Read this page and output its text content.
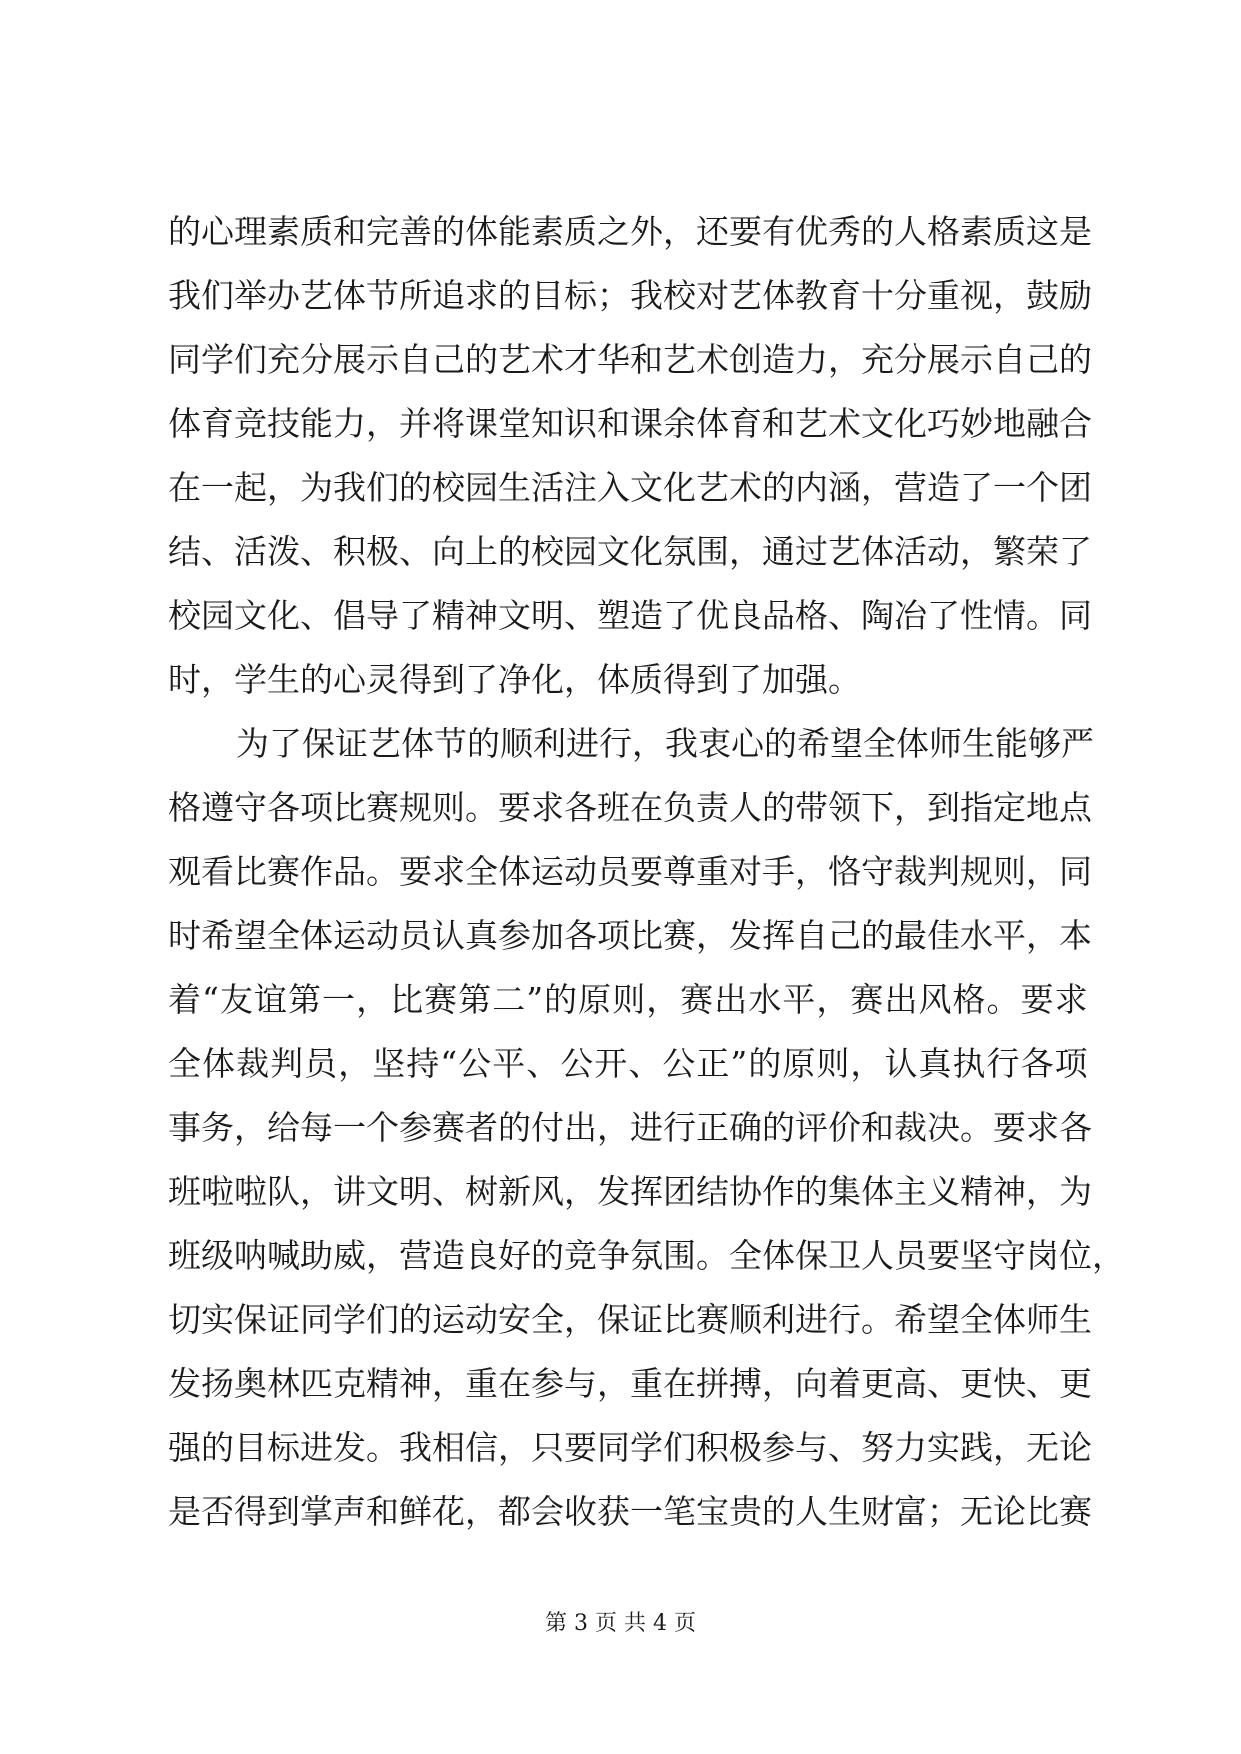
的 心 理 素 质 和 完 善 的 体 能 素 质 之 外 ， 还 要 有 优 秀 的 人 格 素 质 这 是
我 们 举 办 艺 体 节 所 追 求 的 目 标 ； 我 校 对 艺 体 教 育 十 分 重 视 ， 鼓 励
同 学 们 充 分 展 示 自 己 的 艺 术 才 华 和 艺 术 创 造 力 ， 充 分 展 示 自 己 的
体 育 竞 技 能 力 ， 并 将 课 堂 知 识 和 课 余 体 育 和 艺 术 文 化 巧 妙 地 融 合
在 一 起 ， 为 我 们 的 校 园 生 活 注 入 文 化 艺 术 的 内 涵 ， 营 造 了 一 个 团
结 、 活 泼 、 积 极 、 向 上 的 校 园 文 化 氛 围 ， 通 过 艺 体 活 动 ， 繁 荣 了
校 园 文 化 、 倡 导 了 精 神 文 明 、 塑 造 了 优 良 品 格 、 陶 冶 了 性 情 。 同
时 ， 学 生 的 心 灵 得 到 了 净 化 ， 体 质 得 到 了 加 强 。
为 了 保 证 艺 体 节 的 顺 利 进 行 ， 我 衷 心 的 希 望 全 体 师 生 能 够 严
格 遵 守 各 项 比 赛 规 则 。 要 求 各 班 在 负 责 人 的 带 领 下 ， 到 指 定 地 点
观 看 比 赛 作 品 。 要 求 全 体 运 动 员 要 尊 重 对 手 ， 恪 守 裁 判 规 则 ， 同
时 希 望 全 体 运 动 员 认 真 参 加 各 项 比 赛 ， 发 挥 自 己 的 最 佳 水 平 ， 本
着 “ 友 谊 第 一 ， 比 赛 第 二 ” 的 原 则 ， 赛 出 水 平 ， 赛 出 风 格 。 要 求
全 体 裁 判 员 ， 坚 持 “ 公 平 、 公 开 、 公 正 ” 的 原 则 ， 认 真 执 行 各 项
事 务 ， 给 每 一 个 参 赛 者 的 付 出 ， 进 行 正 确 的 评 价 和 裁 决 。 要 求 各
班 啦 啦 队 ， 讲 文 明 、 树 新 风 ， 发 挥 团 结 协 作 的 集 体 主 义 精 神 ， 为
班 级 呐 喊 助 威 ， 营 造 良 好 的 竞 争 氛 围 。 全 体 保 卫 人 员 要 坚 守 岗 位 ，
切 实 保 证 同 学 们 的 运 动 安 全 ， 保 证 比 赛 顺 利 进 行 。 希 望 全 体 师 生
发 扬 奥 林 匹 克 精 神 ， 重 在 参 与 ， 重 在 拼 搏 ， 向 着 更 高 、 更 快 、 更
强 的 目 标 进 发 。 我 相 信 ， 只 要 同 学 们 积 极 参 与 、 努 力 实 践 ， 无 论
是 否 得 到 掌 声 和 鲜 花 ， 都 会 收 获 一 笔 宝 贵 的 人 生 财 富 ； 无 论 比 赛
第 3 页 共 4 页
